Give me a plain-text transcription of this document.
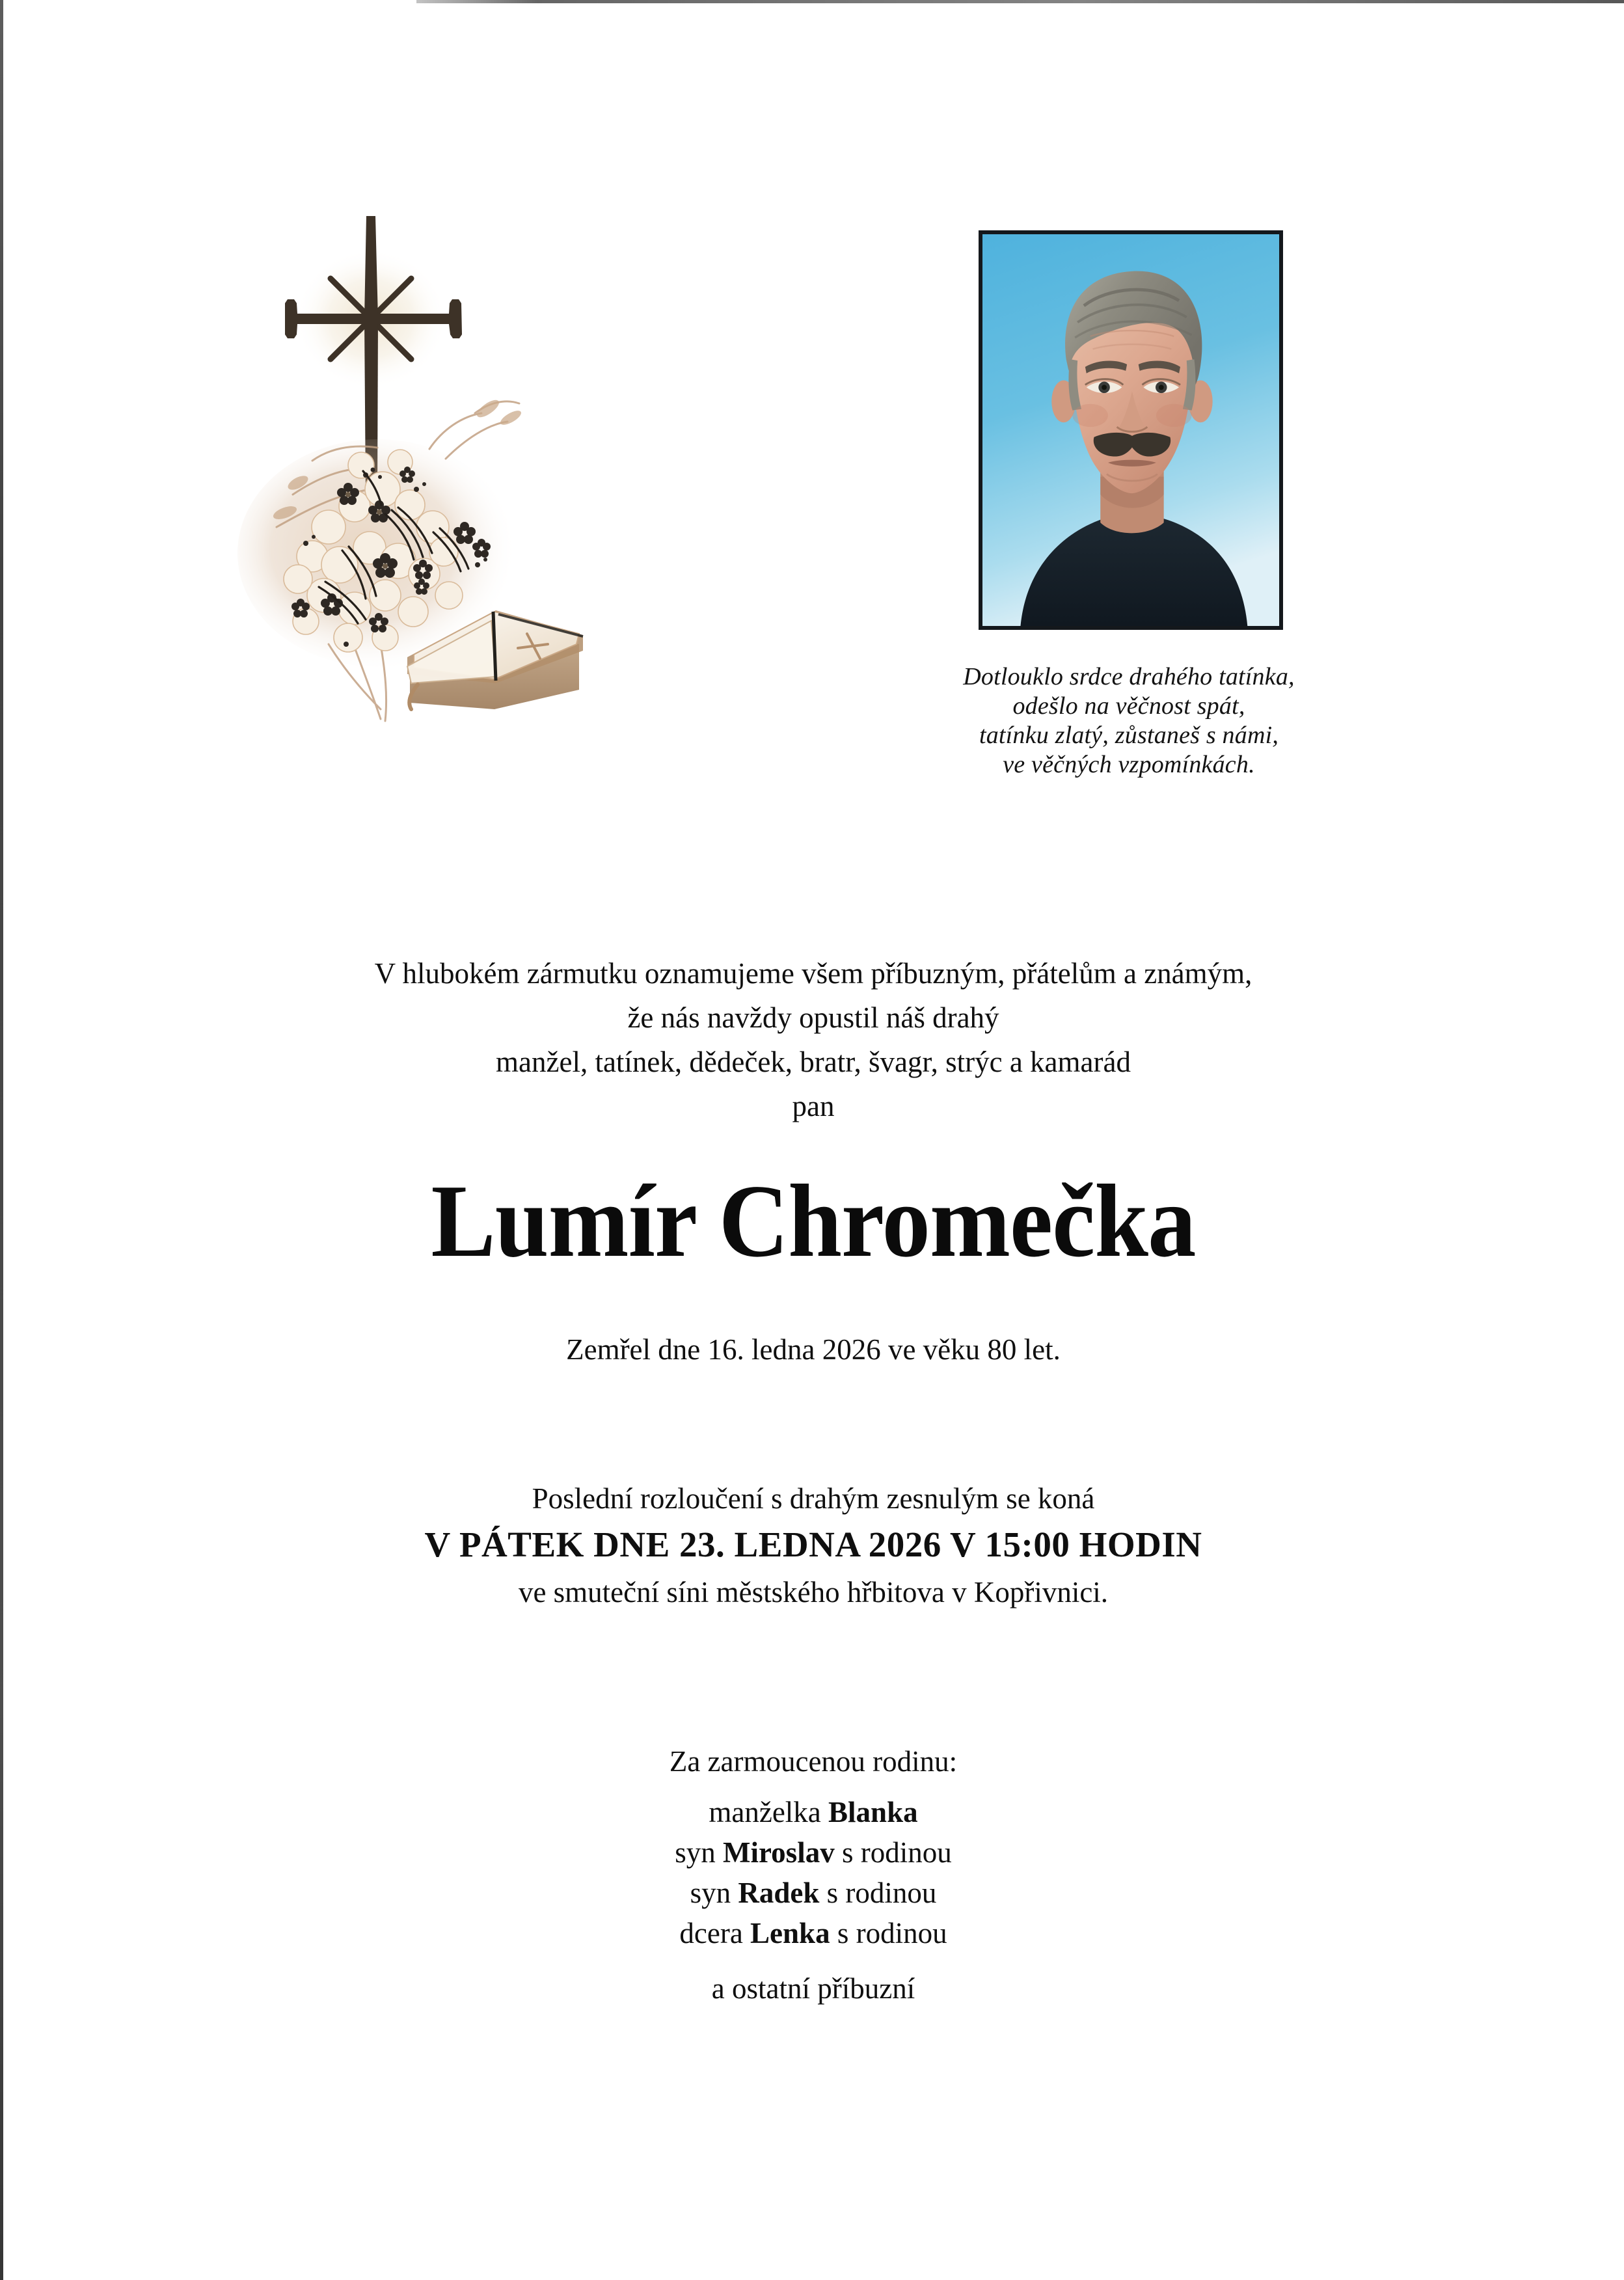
Dotlouklo srdce drahého tatínka,
odešlo na věčnost spát,
tatínku zlatý, zůstaneš s námi,
ve věčných vzpomínkách.
V hlubokém zármutku oznamujeme všem příbuzným, přátelům a známým,
že nás navždy opustil náš drahý
manžel, tatínek, dědeček, bratr, švagr, strýc a kamarád
pan
Lumír Chromečka
Zemřel dne 16. ledna 2026 ve věku 80 let.
Poslední rozloučení s drahým zesnulým se koná
V PÁTEK DNE 23. LEDNA 2026 V 15:00 HODIN
ve smuteční síni městského hřbitova v Kopřivnici.
Za zarmoucenou rodinu:
manželka Blanka
syn Miroslav s rodinou
syn Radek s rodinou
dcera Lenka s rodinou
a ostatní příbuzní
